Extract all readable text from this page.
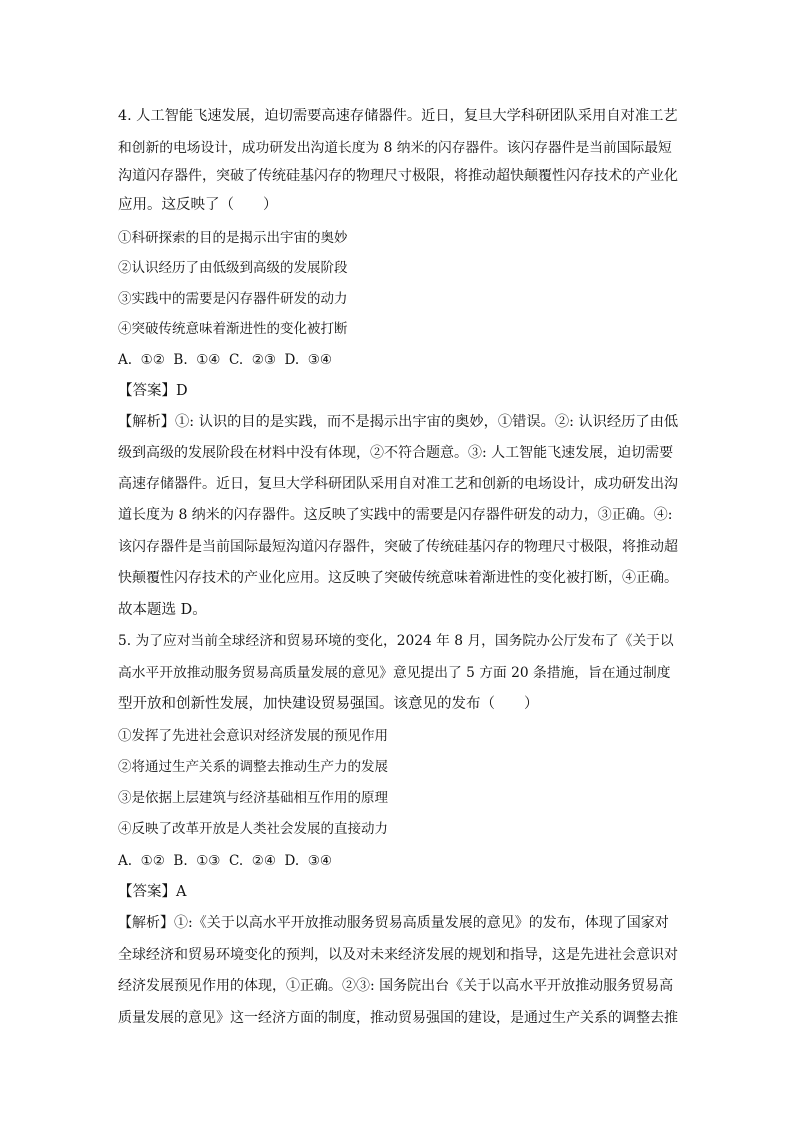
4. 人工智能飞速发展，迫切需要高速存储器件。近日，复旦大学科研团队采用自对准工艺
和创新的电场设计，成功研发出沟道长度为 8 纳米的闪存器件。该闪存器件是当前国际最短
沟道闪存器件，突破了传统硅基闪存的物理尺寸极限，将推动超快颠覆性闪存技术的产业化
应用。这反映了（　　）
①科研探索的目的是揭示出宇宙的奥妙
②认识经历了由低级到高级的发展阶段
③实践中的需要是闪存器件研发的动力
④突破传统意味着渐进性的变化被打断
A.  ①②  B.  ①④  C.  ②③  D.  ③④
【答案】D
【解析】①: 认识的目的是实践，而不是揭示出宇宙的奥妙，①错误。②: 认识经历了由低
级到高级的发展阶段在材料中没有体现，②不符合题意。③: 人工智能飞速发展，迫切需要
高速存储器件。近日，复旦大学科研团队采用自对准工艺和创新的电场设计，成功研发出沟
道长度为 8 纳米的闪存器件。这反映了实践中的需要是闪存器件研发的动力，③正确。④:
该闪存器件是当前国际最短沟道闪存器件，突破了传统硅基闪存的物理尺寸极限，将推动超
快颠覆性闪存技术的产业化应用。这反映了突破传统意味着渐进性的变化被打断，④正确。
故本题选 D。
5. 为了应对当前全球经济和贸易环境的变化，2024 年 8 月，国务院办公厅发布了《关于以
高水平开放推动服务贸易高质量发展的意见》意见提出了 5 方面 20 条措施，旨在通过制度
型开放和创新性发展，加快建设贸易强国。该意见的发布（　　）
①发挥了先进社会意识对经济发展的预见作用
②将通过生产关系的调整去推动生产力的发展
③是依据上层建筑与经济基础相互作用的原理
④反映了改革开放是人类社会发展的直接动力
A.  ①②  B.  ①③  C.  ②④  D.  ③④
【答案】A
【解析】①:《关于以高水平开放推动服务贸易高质量发展的意见》的发布，体现了国家对
全球经济和贸易环境变化的预判，以及对未来经济发展的规划和指导，这是先进社会意识对
经济发展预见作用的体现，①正确。②③: 国务院出台《关于以高水平开放推动服务贸易高
质量发展的意见》这一经济方面的制度，推动贸易强国的建设，是通过生产关系的调整去推
